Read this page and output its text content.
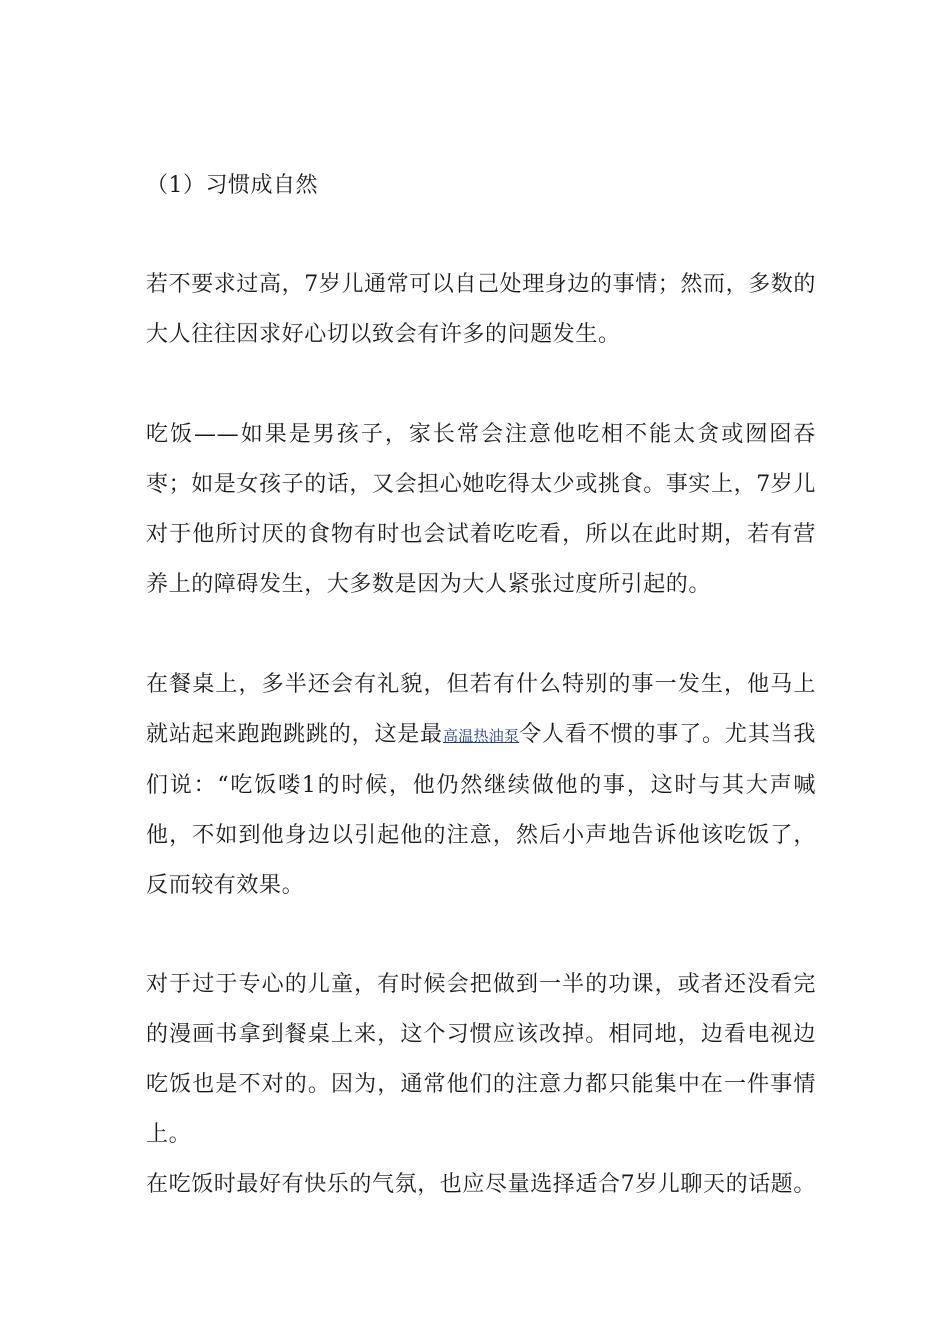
（1）习惯成自然

若不要求过高，7岁儿通常可以自己处理身边的事情；然而，多数的大人往往因求好心切以致会有许多的问题发生。

吃饭——如果是男孩子，家长常会注意他吃相不能太贪或囫囵吞枣；如是女孩子的话，又会担心她吃得太少或挑食。事实上，7岁儿对于他所讨厌的食物有时也会试着吃吃看，所以在此时期，若有营养上的障碍发生，大多数是因为大人紧张过度所引起的。

在餐桌上，多半还会有礼貌，但若有什么特别的事一发生，他马上就站起来跑跑跳跳的，这是最高温热油泵令人看不惯的事了。尤其当我们说：“吃饭喽1的时候，他仍然继续做他的事，这时与其大声喊他，不如到他身边以引起他的注意，然后小声地告诉他该吃饭了，反而较有效果。

对于过于专心的儿童，有时候会把做到一半的功课，或者还没看完的漫画书拿到餐桌上来，这个习惯应该改掉。相同地，边看电视边吃饭也是不对的。因为，通常他们的注意力都只能集中在一件事情上。

在吃饭时最好有快乐的气氛，也应尽量选择适合7岁儿聊天的话题。
